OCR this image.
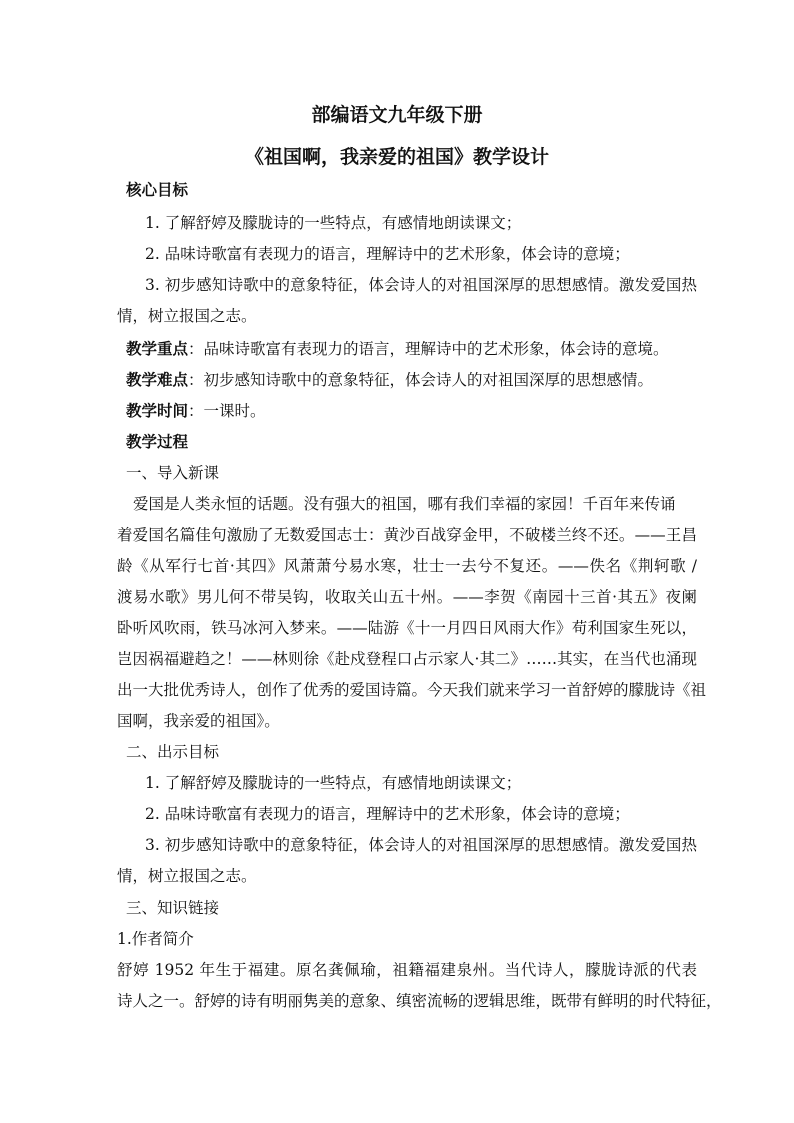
部编语文九年级下册
《祖国啊，我亲爱的祖国》教学设计
核心目标
1. 了解舒婷及朦胧诗的一些特点，有感情地朗读课文；
2. 品味诗歌富有表现力的语言，理解诗中的艺术形象，体会诗的意境；
3. 初步感知诗歌中的意象特征，体会诗人的对祖国深厚的思想感情。激发爱国热
情，树立报国之志。
教学重点：品味诗歌富有表现力的语言，理解诗中的艺术形象，体会诗的意境。
教学难点：初步感知诗歌中的意象特征，体会诗人的对祖国深厚的思想感情。
教学时间：一课时。
教学过程
一、导入新课
爱国是人类永恒的话题。没有强大的祖国，哪有我们幸福的家园！千百年来传诵
着爱国名篇佳句激励了无数爱国志士：黄沙百战穿金甲，不破楼兰终不还。——王昌
龄《从军行七首·其四》风萧萧兮易水寒，壮士一去兮不复还。——佚名《荆轲歌 /
渡易水歌》男儿何不带吴钩，收取关山五十州。——李贺《南园十三首·其五》夜阑
卧听风吹雨，铁马冰河入梦来。——陆游《十一月四日风雨大作》苟利国家生死以，
岂因祸福避趋之！——林则徐《赴戍登程口占示家人·其二》……其实，在当代也涌现
出一大批优秀诗人，创作了优秀的爱国诗篇。今天我们就来学习一首舒婷的朦胧诗《祖
国啊，我亲爱的祖国》。
二、出示目标
1. 了解舒婷及朦胧诗的一些特点，有感情地朗读课文；
2. 品味诗歌富有表现力的语言，理解诗中的艺术形象，体会诗的意境；
3. 初步感知诗歌中的意象特征，体会诗人的对祖国深厚的思想感情。激发爱国热
情，树立报国之志。
三、知识链接
1.作者简介
舒婷 1952 年生于福建。原名龚佩瑜，祖籍福建泉州。当代诗人，朦胧诗派的代表
诗人之一。舒婷的诗有明丽隽美的意象、缜密流畅的逻辑思维，既带有鲜明的时代特征，
